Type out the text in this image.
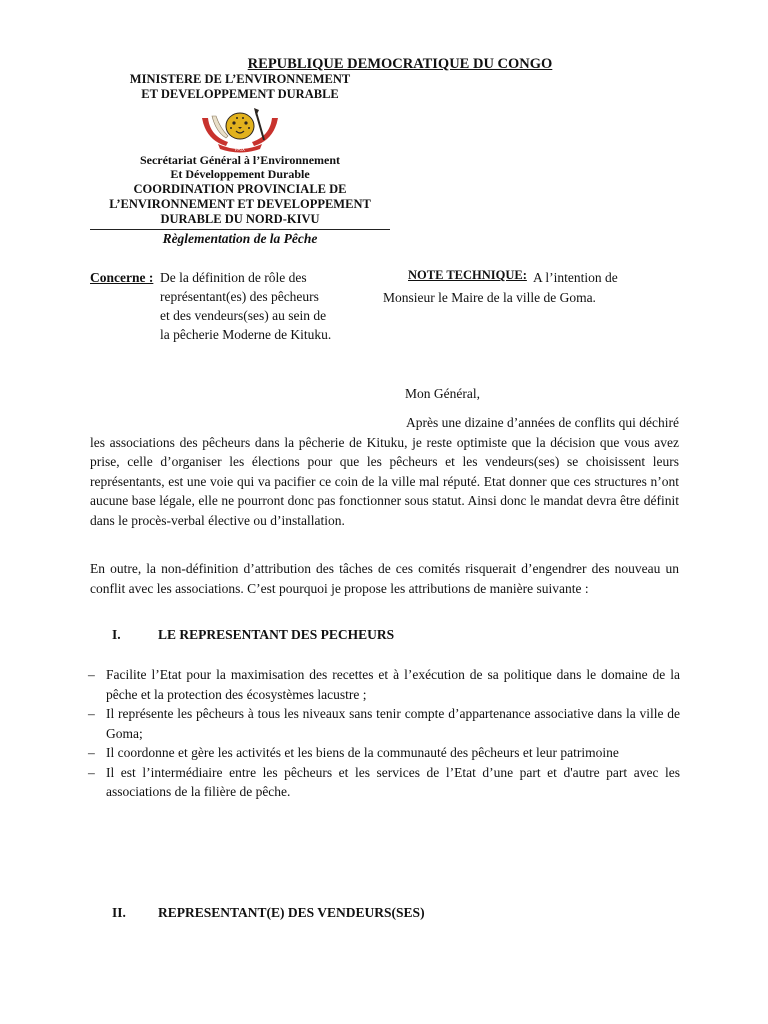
REPUBLIQUE DEMOCRATIQUE DU CONGO
MINISTERE DE L’ENVIRONNEMENT
ET DEVELOPPEMENT DURABLE
PAIX
Secrétariat Général à l’Environnement
Et Développement Durable
COORDINATION PROVINCIALE DE
L’ENVIRONNEMENT ET DEVELOPPEMENT
DURABLE DU NORD-KIVU
Règlementation de la Pêche
Concerne : De la définition de rôle des
représentant(es) des pêcheurs
et des vendeurs(ses) au sein de
la pêcherie Moderne de Kituku.
NOTE TECHNIQUE: A l’intention de
Monsieur le Maire de la ville de Goma.
Mon Général,
Après une dizaine d’années de conflits qui déchiré les associations des pêcheurs dans la pêcherie de Kituku, je reste optimiste que la décision que vous avez prise, celle d’organiser les élections pour que les pêcheurs et les vendeurs(ses) se choisissent leurs représentants, est une voie qui va pacifier ce coin de la ville mal réputé. Etat donner que ces structures n’ont aucune base légale, elle ne pourront donc pas fonctionner sous statut. Ainsi donc le mandat devra être définit dans le procès-verbal élective ou d’installation.
En outre, la non-définition d’attribution des tâches de ces comités risquerait d’engendrer des nouveau un conflit avec les associations. C’est pourquoi je propose les attributions de manière suivante :
I.	LE REPRESENTANT DES PECHEURS
– Facilite l’Etat pour la maximisation des recettes et à l’exécution de sa politique dans le domaine de la pêche et la protection des écosystèmes lacustre ;
– Il représente les pêcheurs à tous les niveaux sans tenir compte d’appartenance associative dans la ville de Goma;
– Il coordonne et gère les activités et les biens de la communauté des pêcheurs et leur patrimoine
– Il est l’intermédiaire entre les pêcheurs et les services de l’Etat d’une part et d'autre part avec les associations de la filière de pêche.
II. REPRESENTANT(E) DES VENDEURS(SES)
